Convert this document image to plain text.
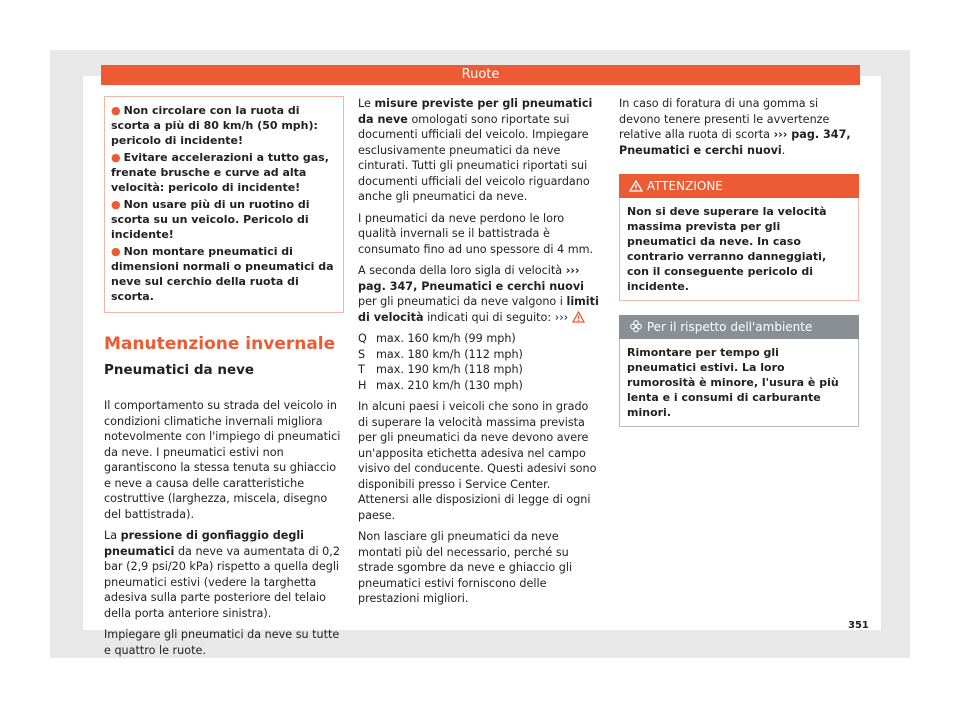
Ruote
● Non circolare con la ruota di scorta a più di 80 km/h (50 mph): pericolo di incidente!
● Evitare accelerazioni a tutto gas, frenate brusche e curve ad alta velocità: pericolo di incidente!
● Non usare più di un ruotino di scorta su un veicolo. Pericolo di incidente!
● Non montare pneumatici di dimensioni normali o pneumatici da neve sul cerchio della ruota di scorta.
Manutenzione invernale
Pneumatici da neve

Il comportamento su strada del veicolo in condizioni climatiche invernali migliora notevolmente con l'impiego di pneumatici da neve. I pneumatici estivi non garantiscono la stessa tenuta su ghiaccio e neve a causa delle caratteristiche costruttive (larghezza, miscela, disegno del battistrada).

La pressione di gonfiaggio degli pneumatici da neve va aumentata di 0,2 bar (2,9 psi/20 kPa) rispetto a quella degli pneumatici estivi (vedere la targhetta adesiva sulla parte posteriore del telaio della porta anteriore sinistra).

Impiegare gli pneumatici da neve su tutte e quattro le ruote.

Le misure previste per gli pneumatici da neve omologati sono riportate sui documenti ufficiali del veicolo. Impiegare esclusivamente pneumatici da neve cinturati. Tutti gli pneumatici riportati sui documenti ufficiali del veicolo riguardano anche gli pneumatici da neve.

I pneumatici da neve perdono le loro qualità invernali se il battistrada è consumato fino ad uno spessore di 4 mm.

A seconda della loro sigla di velocità ››› pag. 347, Pneumatici e cerchi nuovi per gli pneumatici da neve valgono i limiti di velocità indicati qui di seguito: ›››

Q max. 160 km/h (99 mph)
S max. 180 km/h (112 mph)
T max. 190 km/h (118 mph)
H max. 210 km/h (130 mph)

In alcuni paesi i veicoli che sono in grado di superare la velocità massima prevista per gli pneumatici da neve devono avere un'apposita etichetta adesiva nel campo visivo del conducente. Questi adesivi sono disponibili presso i Service Center. Attenersi alle disposizioni di legge di ogni paese.

Non lasciare gli pneumatici da neve montati più del necessario, perché su strade sgombre da neve e ghiaccio gli pneumatici estivi forniscono delle prestazioni migliori.

In caso di foratura di una gomma si devono tenere presenti le avvertenze relative alla ruota di scorta ››› pag. 347, Pneumatici e cerchi nuovi.

ATTENZIONE
Non si deve superare la velocità massima prevista per gli pneumatici da neve. In caso contrario verranno danneggiati, con il conseguente pericolo di incidente.
Per il rispetto dell'ambiente
Rimontare per tempo gli pneumatici estivi. La loro rumorosità è minore, l'usura è più lenta e i consumi di carburante minori.
351
